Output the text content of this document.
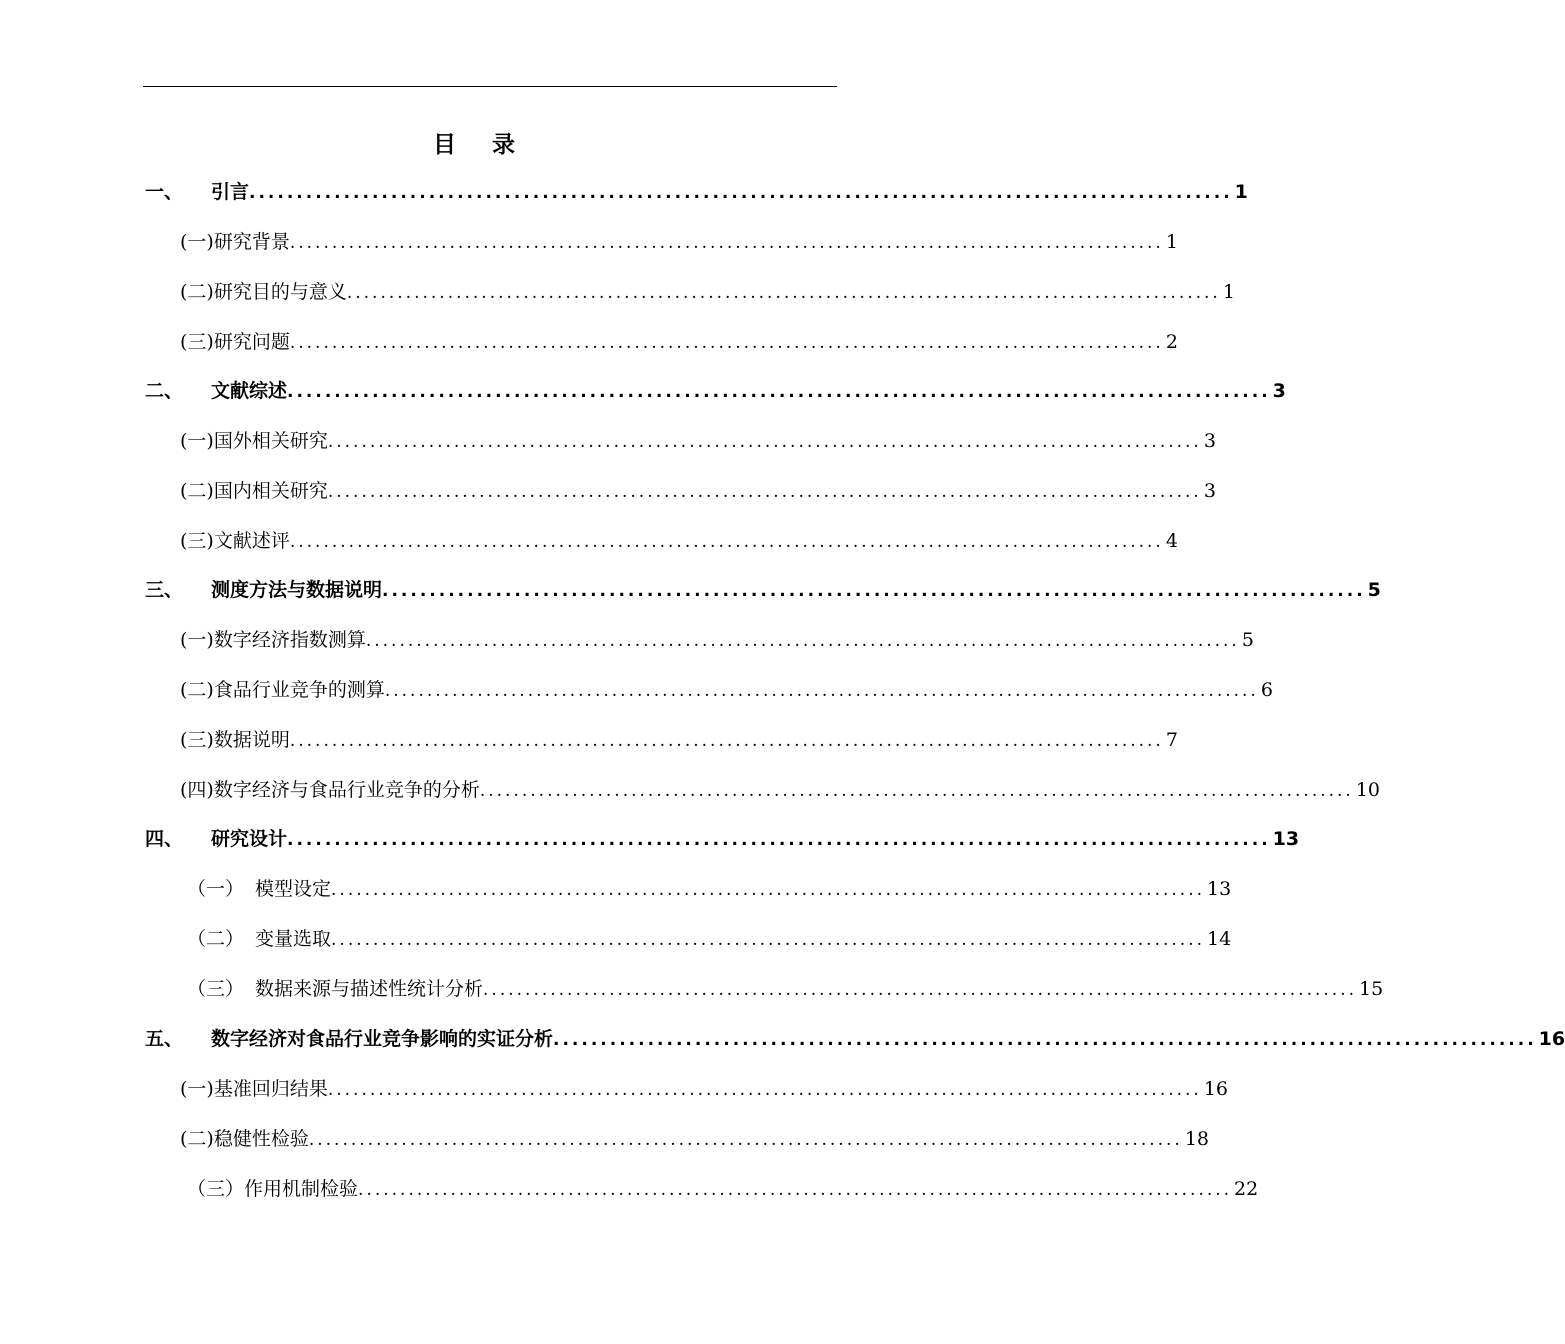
目 录
一、	引言 ........................................................................................................ 1
(一) 研究背景 ........................................................................................................ 1
(二) 研究目的与意义 ........................................................................................................ 1
(三) 研究问题 ........................................................................................................ 2
二、	文献综述 ........................................................................................................ 3
(一) 国外相关研究 ........................................................................................................ 3
(二) 国内相关研究 ........................................................................................................ 3
(三) 文献述评 ........................................................................................................ 4
三、	测度方法与数据说明 ........................................................................................................ 5
(一) 数字经济指数测算 ........................................................................................................ 5
(二) 食品行业竞争的测算 ........................................................................................................ 6
(三) 数据说明 ........................................................................................................ 7
(四) 数字经济与食品行业竞争的分析 ........................................................................................................ 10
四、	研究设计 ........................................................................................................ 13
（一） 模型设定 ........................................................................................................ 13
（二） 变量选取 ........................................................................................................ 14
（三） 数据来源与描述性统计分析 ........................................................................................................ 15
五、	数字经济对食品行业竞争影响的实证分析 ........................................................................................................ 16
(一) 基准回归结果 ........................................................................................................ 16
(二) 稳健性检验 ........................................................................................................ 18
（三） 作用机制检验 ........................................................................................................ 22
